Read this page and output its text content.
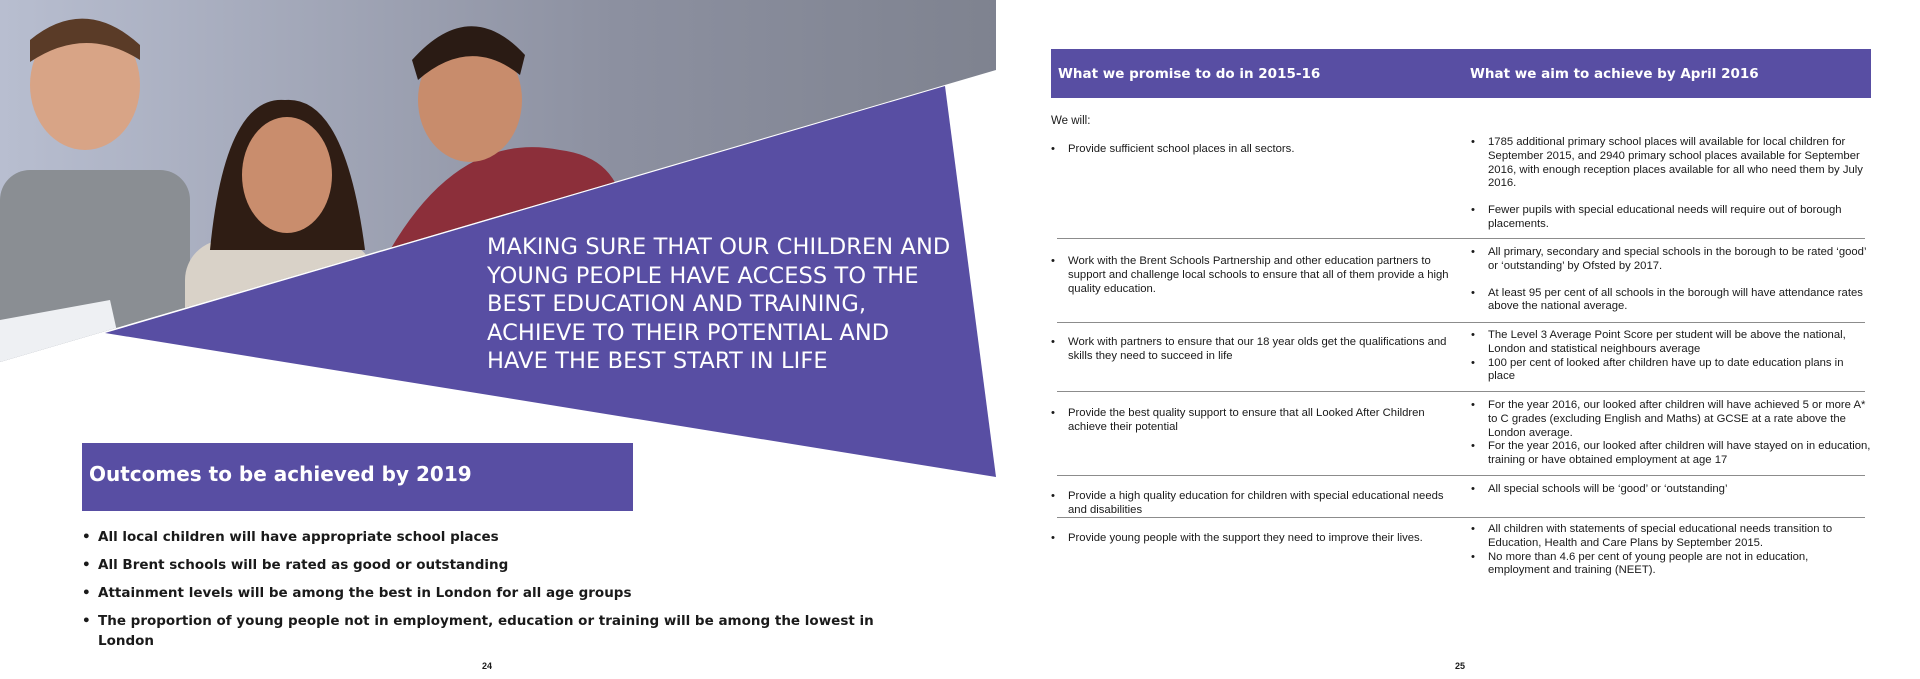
MAKING SURE THAT OUR CHILDREN AND YOUNG PEOPLE HAVE ACCESS TO THE BEST EDUCATION AND TRAINING, ACHIEVE TO THEIR POTENTIAL AND HAVE THE BEST START IN LIFE
Outcomes to be achieved by 2019
• All local children will have appropriate school places
• All Brent schools will be rated as good or outstanding
• Attainment levels will be among the best in London for all age groups
• The proportion of young people not in employment, education or training will be among the lowest in London
24
What we promise to do in 2015-16	What we aim to achieve by April 2016
We will:

• Provide sufficient school places in all sectors.

• 1785 additional primary school places will available for local children for September 2015, and 2940 primary school places available for September 2016, with enough reception places available for all who need them by July 2016.

• Fewer pupils with special educational needs will require out of borough placements.

• Work with the Brent Schools Partnership and other education partners to support and challenge local schools to ensure that all of them provide a high quality education.

• All primary, secondary and special schools in the borough to be rated ‘good’ or ‘outstanding’ by Ofsted by 2017.

• At least 95 per cent of all schools in the borough will have attendance rates above the national average.

• Work with partners to ensure that our 18 year olds get the qualifications and skills they need to succeed in life

• The Level 3 Average Point Score per student will be above the national, London and statistical neighbours average

• 100 per cent of looked after children have up to date education plans in place

• Provide the best quality support to ensure that all Looked After Children achieve their potential

• For the year 2016, our looked after children will have achieved 5 or more A* to C grades (excluding English and Maths) at GCSE at a rate above the London average.

• For the year 2016, our looked after children will have stayed on in education, training or have obtained employment at age 17

• Provide a high quality education for children with special educational needs and disabilities

• All special schools will be ‘good’ or ‘outstanding’

• Provide young people with the support they need to improve their lives.

• All children with statements of special educational needs transition to Education, Health and Care Plans by September 2015.

• No more than 4.6 per cent of young people are not in education, employment and training (NEET).

25
